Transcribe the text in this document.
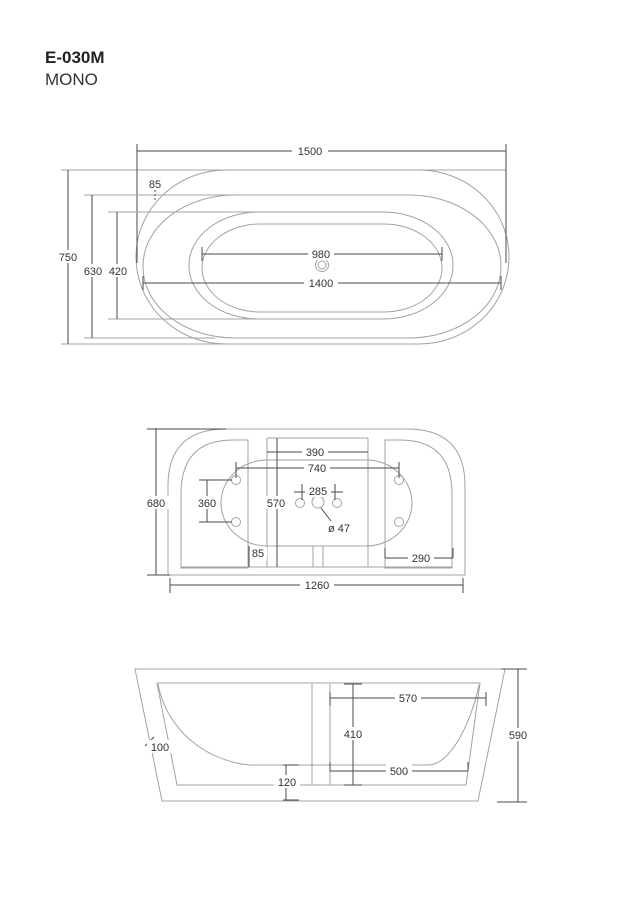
E-030M
MONO
1500
85
750
630 420
980
1400
680
390
740
360	570
285
ø 47
85	290
1260
570
410
100
500
120
590
